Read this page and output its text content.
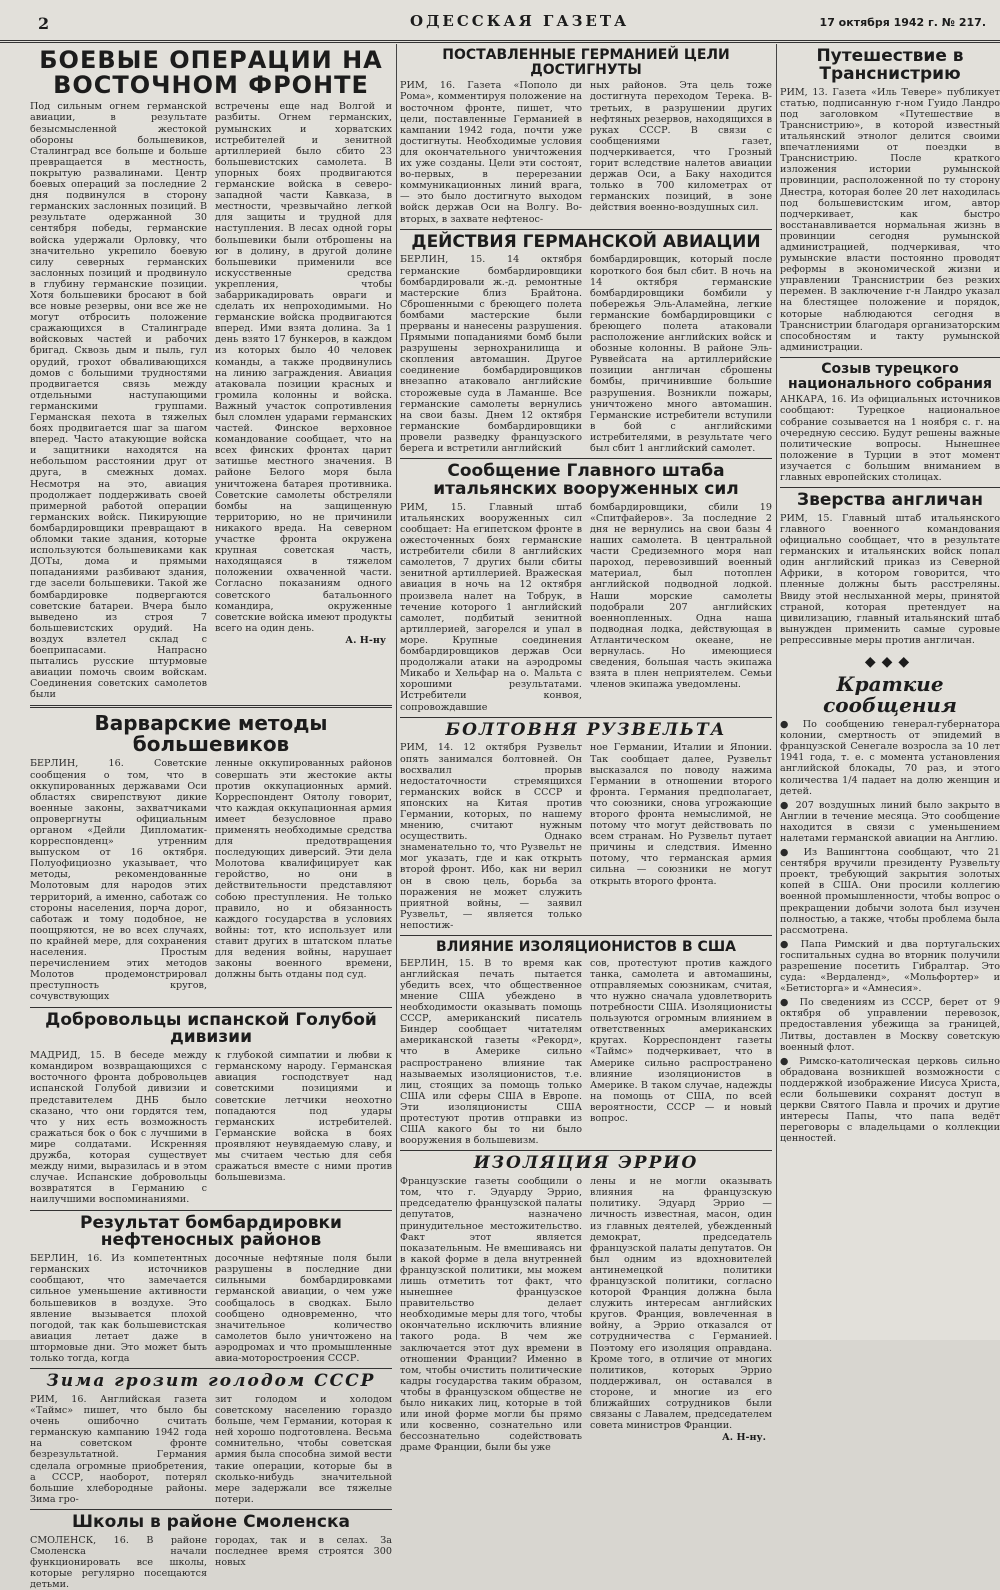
2	ОДЕССКАЯ ГАЗЕТА	17 октября 1942 г. № 217.
БОЕВЫЕ ОПЕРАЦИИ НА ВОСТОЧНОМ ФРОНТЕ

Под сильным огнем германской авиации, в результате безысмысленной жестокой обороны большевиков, Сталинград все больше и больше превращается в местность, покрытую развалинами. Центр боевых операций за последние 2 дня подвинулся в сторону германских заслонных позиций. В результате одержанной 30 сентября победы, германские войска удержали Орловку, что значительно укрепило боевую силу северных германских заслонных позиций и продвинуло в глубину германские позиции. Хотя большевики бросают в бой все новые резервы, они все же не могут отбросить положение сражающихся в Сталинграде войсковых частей и рабочих бригад. Сквозь дым и пыль, гул орудий, грохот обваливающихся домов с большими трудностями продвигается связь между отдельными наступающими германскими группами. Германская пехота в тяжелых боях продвигается шаг за шагом вперед. Часто атакующие войска и защитники находятся на небольшом расстоянии друг от друга, в смежных домах. Несмотря на это, авиация продолжает поддерживать своей примерной работой операции германских войск. Пикирующие бомбардировщики превращают в обломки такие здания, которые используются большевиками как ДОТы, дома и прямыми попаданиями разбивают здания, где засели большевики. Такой же бомбардировке подвергаются советские батареи. Вчера было выведено из строя 7 большевистских орудий. На воздух взлетел склад с боеприпасами. Напрасно пытались русские штурмовые авиации помочь своим войскам. Соединения советских самолетов были

встречены еще над Волгой и разбиты. Огнем германских, румынских и хорватских истребителей и зенитной артиллерией было сбито 23 большевистских самолета. В упорных боях продвигаются германские войска в северо-западной части Кавказа, в местности, чрезвычайно легкой для защиты и трудной для наступления. В лесах одной горы большевики были отброшены на юг в долину, в другой долине большевики применили все искусственные средства укрепления, чтобы забаррикадировать овраги и сделать их непроходимыми. Но германские войска продвигаются вперед. Ими взята долина. За 1 день взято 17 бункеров, в каждом из которых было 40 человек команды, а также продвинулись на линию заграждения. Авиация атаковала позиции красных и громила колонны и войска. Важный участок сопротивления был сломлен ударами германских частей. Финское верховное командование сообщает, что на всех финских фронтах царит затишье местного значения. В районе Белого моря была уничтожена батарея противника. Советские самолеты обстреляли бомбы на защищенную территорию, но не причинили никакого вреда. На северном участке фронта окружена крупная советская часть, находящаяся в тяжелом положении охваченной части. Согласно показаниям одного советского батальонного командира, окруженные советские войска имеют продукты всего на один день.

А. Н-ну
Варварские методы большевиков

БЕРЛИН, 16. Советские сообщения о том, что в оккупированных державами Оси областях свирепствуют дикие военные законы, захватчиками опровергнуты официальным органом «Дейли Дипломатик-корреспонденц» утренним выпуском от 16 октября. Полуофициозно указывает, что методы, рекомендованные Молотовым для народов этих территорий, а именно, саботаж со стороны населения, порча дорог, саботаж и тому подобное, не поощряются, не во всех случаях, по крайней мере, для сохранения населения. Простым перечислением этих методов Молотов продемонстрировал преступность кругов, сочувствующих

ленные оккупированных районов совершать эти жестокие акты против оккупационных армий. Корреспондент Оятолу говорит, что каждая оккупационная армия имеет безусловное право применять необходимые средства для предотвращения последующих диверсий. Эти дела Молотова квалифицирует как геройство, но они в действительности представляют собою преступления. Не только правило, но и обязанность каждого государства в условиях войны: тот, кто использует или ставит других в штатском платье для ведения войны, нарушает законы военного времени, должны быть отданы под суд.

Добровольцы испанской Голубой дивизии

МАДРИД, 15. В беседе между командиром возвращающихся с восточного фронта добровольцев испанской Голубой дивизии и представителем ДНБ было сказано, что они гордятся тем, что у них есть возможность сражаться бок о бок с лучшими в мире солдатами. Искренняя дружба, которая существует между ними, выразилась и в этом случае. Испанские добровольцы возвратятся в Германию с наилучшими воспоминаниями.

к глубокой симпатии и любви к германскому народу. Германская авиация господствует над советскими позициями и советские летчики неохотно попадаются под удары германских истребителей. Германские войска в боях проявляют неувядаемую славу, и мы считаем честью для себя сражаться вместе с ними против большевизма.

Результат бомбардировки нефтеносных районов

БЕРЛИН, 16. Из компетентных германских источников сообщают, что замечается сильное уменьшение активности большевиков в воздухе. Это явление вызывается плохой погодой, так как большевистская авиация летает даже в штормовые дни. Это может быть только тогда, когда

досочные нефтяные поля были разрушены в последние дни сильными бомбардировками германской авиации, о чем уже сообщалось в сводках. Было сообщено одновременно, что значительное количество самолетов было уничтожено на аэродромах и что промышленные авиа-моторостроения СССР.

Зима грозит голодом СССР

РИМ, 16. Английская газета «Таймс» пишет, что было бы очень ошибочно считать германскую кампанию 1942 года на советском фронте безрезультатной. Германия сделала огромные приобретения, а СССР, наоборот, потерял большие хлебородные районы. Зима гро-

зит голодом и холодом советскому населению гораздо больше, чем Германии, которая к ней хорошо подготовлена. Весьма сомнительно, чтобы советская армия была способна зимой вести такие операции, которые бы в сколько-нибудь значительной мере задержали все тяжелые потери.

Школы в районе Смоленска

СМОЛЕНСК, 16. В районе Смоленска начали функционировать все школы, которые регулярно посещаются детьми.

городах, так и в селах. За последнее время строятся 300 новых

ПОСТАВЛЕННЫЕ ГЕРМАНИЕЙ ЦЕЛИ ДОСТИГНУТЫ

РИМ, 16. Газета «Пополо ди Рома», комментируя положение на восточном фронте, пишет, что цели, поставленные Германией в кампании 1942 года, почти уже достигнуты. Необходимые условия для окончательного уничтожения их уже созданы. Цели эти состоят, во-первых, в перерезании коммуникационных линий врага, — это было достигнуто выходом войск держав Оси на Волгу. Во-вторых, в захвате нефтенос-

ных районов. Эта цель тоже достигнута переходом Терека. В-третьих, в разрушении других нефтяных резервов, находящихся в руках СССР. В связи с сообщениями газет, подчеркивается, что Грозный горит вследствие налетов авиации держав Оси, а Баку находится только в 700 километрах от германских позиций, в зоне действия военно-воздушных сил.

ДЕЙСТВИЯ ГЕРМАНСКОЙ АВИАЦИИ

БЕРЛИН, 15. 14 октября германские бомбардировщики бомбардировали ж.-д. ремонтные мастерские близ Брайтона. Сброшенными с бреющего полета бомбами мастерские были прерваны и нанесены разрушения. Прямыми попаданиями бомб были разрушены зернохранилища и скопления автомашин. Другое соединение бомбардировщиков внезапно атаковало английские сторожевые суда в Ламанше. Все германские самолеты вернулись на свои базы. Днем 12 октября германские бомбардировщики провели разведку французского берега и встретили английский

бомбардировщик, который после короткого боя был сбит. В ночь на 14 октября германские бомбардировщики бомбили у побережья Эль-Аламейна, легкие германские бомбардировщики с бреющего полета атаковали расположение английских войск и обозные колонны. В районе Эль-Руввейсата на артиллерийские позиции англичан сброшены бомбы, причинившие большие разрушения. Возникли пожары, уничтожено много автомашин. Германские истребители вступили в бой с английскими истребителями, в результате чего был сбит 1 английский самолет.

Сообщение Главного штаба итальянских вооруженных сил

РИМ, 15. Главный штаб итальянских вооруженных сил сообщает: На египетском фронте в ожесточенных боях германские истребители сбили 8 английских самолетов, 7 других были сбиты зенитной артиллерией. Вражеская авиация в ночь на 12 октября произвела налет на Тобрук, в течение которого 1 английский самолет, подбитый зенитной артиллерией, загорелся и упал в море. Крупные соединения бомбардировщиков держав Оси продолжали атаки на аэродромы Микабо и Хельфар на о. Мальта с хорошими результатами. Истребители конвоя, сопровождавшие

бомбардировщики, сбили 19 «Спитфайеров». За последние 2 дня не вернулись на свои базы 4 наших самолета. В центральной части Средиземного моря нап пароход, перевозивший военный материал, был потоплен английской подводной лодкой. Наши морские самолеты подобрали 207 английских военнопленных. Одна наша подводная лодка, действующая в Атлантическом океане, не вернулась. Но имеющиеся сведения, большая часть экипажа взята в плен неприятелем. Семьи членов экипажа уведомлены.

БОЛТОВНЯ РУЗВЕЛЬТА

РИМ, 14. 12 октября Рузвельт опять занимался болтовней. Он восхвалил прорыв недостаточности стремящихся германских войск в СССР и японских на Китая против Германии, которых, по нашему мнению, считают нужным осуществить. Однако знаменательно то, что Рузвельт не мог указать, где и как открыть второй фронт. Ибо, как ни верил он в свою цель, борьба за поражения не может служить приятной войны, — заявил Рузвельт, — является только непостиж-

ное Германии, Италии и Японии. Так сообщает далее, Рузвельт высказался по поводу нажима Германии в отношении второго фронта. Германия предполагает, что союзники, снова угрожающие второго фронта немыслимой, не потому что могут действовать по всем странам. Но Рузвельт путает причины и следствия. Именно потому, что германская армия сильна — союзники не могут открыть второго фронта.

ВЛИЯНИЕ ИЗОЛЯЦИОНИСТОВ В США

БЕРЛИН, 15. В то время как английская печать пытается убедить всех, что общественное мнение США убеждено в необходимости оказывать помощь СССР, американский писатель Биндер сообщает читателям американской газеты «Рекорд», что в Америке сильно распространено влияние так называемых изоляционистов, т.е. лиц, стоящих за помощь только США или сферы США в Европе. Эти изоляционисты США протестуют против отправки из США какого бы то ни было вооружения в большевизм.

сов, протестуют против каждого танка, самолета и автомашины, отправляемых союзникам, считая, что нужно сначала удовлетворить потребности США. Изоляционисты пользуются огромным влиянием в ответственных американских кругах. Корреспондент газеты «Таймс» подчеркивает, что в Америке сильно распространено влияние изоляционистов в Америке. В таком случае, надежды на помощь от США, по всей вероятности, СССР — и новый вопрос.

ИЗОЛЯЦИЯ ЭРРИО

Французские газеты сообщили о том, что г. Эдуарду Эррио, председателю французской палаты депутатов, назначено принудительное местожительство. Факт этот является показательным. Не вмешиваясь ни в какой форме в дела внутренней французской политики, мы можем лишь отметить тот факт, что нынешнее французское правительство делает необходимые меры для того, чтобы окончательно исключить влияние такого рода. В чем же заключается этот дух времени в отношении Франции? Именно в том, чтобы очистить политические кадры государства таким образом, чтобы в французском обществе не было никаких лиц, которые в той или иной форме могли бы прямо или косвенно, сознательно или бессознательно содействовать драме Франции, были бы уже

лены и не могли оказывать влияния на французскую политику. Эдуард Эррио — личность известная, масон, один из главных деятелей, убежденный демократ, председатель французской палаты депутатов. Он был одним из вдохновителей антинемецкой политики французской политики, согласно которой Франция должна была служить интересам английских кругов. Франция, вовлеченная в войну, а Эррио отказался от сотрудничества с Германией. Поэтому его изоляция оправдана. Кроме того, в отличие от многих политиков, которых Эррио поддерживал, он оставался в стороне, и многие из его ближайших сотрудников были связаны с Лавалем, председателем совета министров Франции.

А. Н-ну.
Путешествие в Транснистрию

РИМ, 13. Газета «Иль Тевере» публикует статью, подписанную г-ном Гуидо Ландро под заголовком «Путешествие в Транснистрию», в которой известный итальянский этнолог делится своими впечатлениями от поездки в Транснистрию. После краткого изложения истории румынской провинции, расположенной по ту сторону Днестра, которая более 20 лет находилась под большевистским игом, автор подчеркивает, как быстро восстанавливается нормальная жизнь в провинции сегодня румынской администрацией, подчеркивая, что румынские власти постоянно проводят реформы в экономической жизни и управлении Транснистрии без резких перемен. В заключение г-н Ландро указал на блестящее положение и порядок, которые наблюдаются сегодня в Транснистрии благодаря организаторским способностям и такту румынской администрации.

Созыв турецкого национального собрания

АНКАРА, 16. Из официальных источников сообщают: Турецкое национальное собрание созывается на 1 ноября с. г. на очередную сессию. Будут решены важные политические вопросы. Нынешнее положение в Турции в этот момент изучается с большим вниманием в главных европейских столицах.

Зверства англичан

РИМ, 15. Главный штаб итальянского главного военного командования официально сообщает, что в результате германских и итальянских войск попал один английский приказ из Северной Африки, в котором говорится, что пленные должны быть расстреляны. Ввиду этой неслыханной меры, принятой страной, которая претендует на цивилизацию, главный итальянский штаб вынужден применить самые суровые репрессивные меры против англичан.

◆◆◆
Краткие сообщения

● По сообщению генерал-губернатора колонии, смертность от эпидемий в французской Сенегале возросла за 10 лет 1941 года, т. е. с момента установления английской блокады, 70 раз, и этого количества 1/4 падает на долю женщин и детей.

● 207 воздушных линий было закрыто в Англии в течение месяца. Это сообщение находится в связи с уменьшением налетами германской авиации на Англию.

● Из Вашингтона сообщают, что 21 сентября вручили президенту Рузвельту проект, требующий закрытия золотых копей в США. Они просили коллегию военной промышленности, чтобы вопрос о прекращении добычи золота был изучен полностью, а также, чтобы проблема была рассмотрена.

● Папа Римский и два португальских госпитальных судна во вторник получили разрешение посетить Гибралтар. Это суда: «Вердаленд», «Мольфортер» и «Бетисторга» и «Амнесия».

● По сведениям из СССР, берет от 9 октября об управлении перевозок, предоставления убежища за границей, Литвы, доставлен в Москву советскую военный флот.

● Римско-католическая церковь сильно обрадована возникшей возможности с поддержкой изображение Иисуса Христа, если большевики сохранят доступ в церкви Святого Павла и прочих и другие интересы Папы, что папа ведёт переговоры с владельцами о коллекции ценностей.
